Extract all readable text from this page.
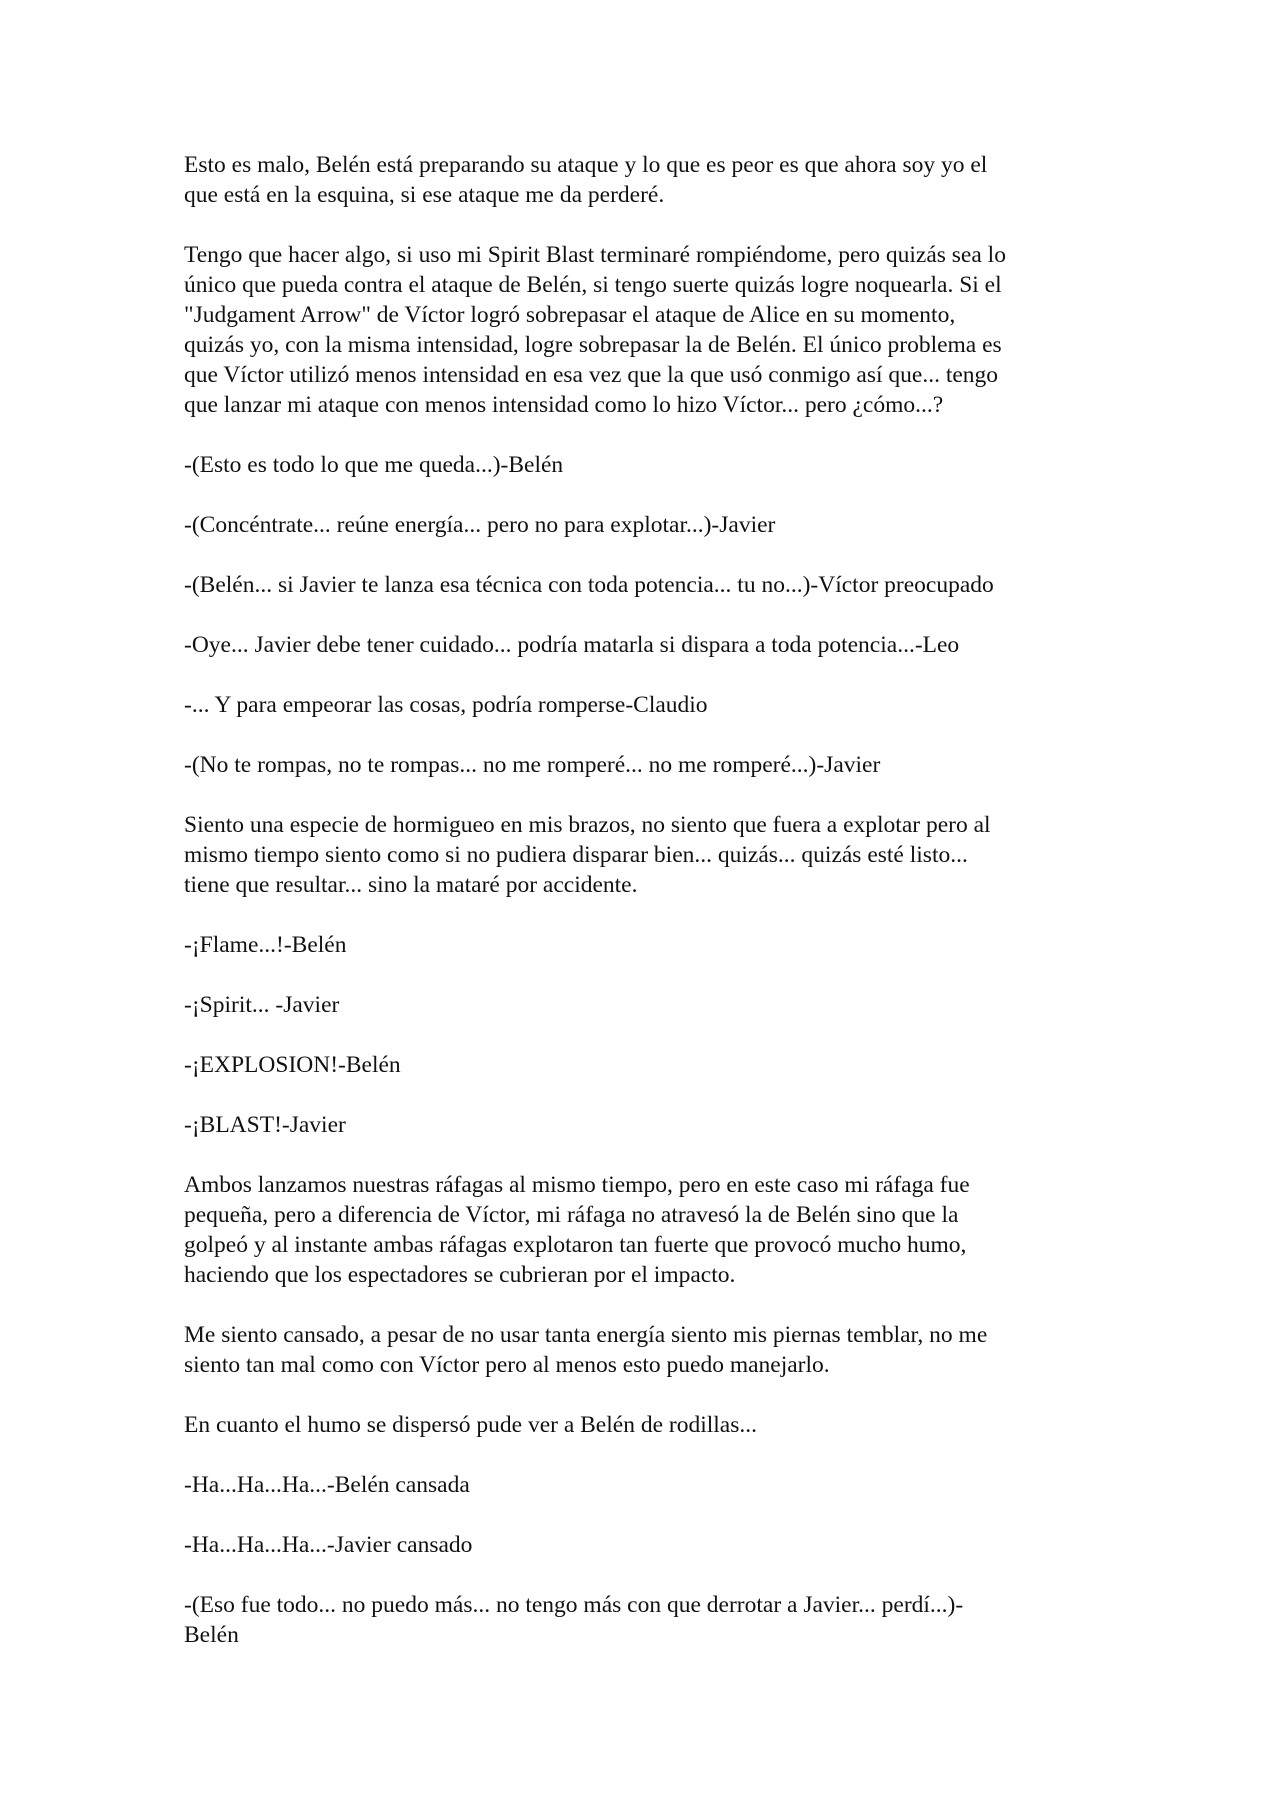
Esto es malo, Belén está preparando su ataque y lo que es peor es que ahora soy yo el
que está en la esquina, si ese ataque me da perderé.

Tengo que hacer algo, si uso mi Spirit Blast terminaré rompiéndome, pero quizás sea lo
único que pueda contra el ataque de Belén, si tengo suerte quizás logre noquearla. Si el
"Judgament Arrow" de Víctor logró sobrepasar el ataque de Alice en su momento,
quizás yo, con la misma intensidad, logre sobrepasar la de Belén. El único problema es
que Víctor utilizó menos intensidad en esa vez que la que usó conmigo así que... tengo
que lanzar mi ataque con menos intensidad como lo hizo Víctor... pero ¿cómo...?

-(Esto es todo lo que me queda...)-Belén

-(Concéntrate... reúne energía... pero no para explotar...)-Javier

-(Belén... si Javier te lanza esa técnica con toda potencia... tu no...)-Víctor preocupado

-Oye... Javier debe tener cuidado... podría matarla si dispara a toda potencia...-Leo

-... Y para empeorar las cosas, podría romperse-Claudio

-(No te rompas, no te rompas... no me romperé... no me romperé...)-Javier

Siento una especie de hormigueo en mis brazos, no siento que fuera a explotar pero al
mismo tiempo siento como si no pudiera disparar bien... quizás... quizás esté listo...
tiene que resultar... sino la mataré por accidente.

-¡Flame...!-Belén

-¡Spirit... -Javier

-¡EXPLOSION!-Belén

-¡BLAST!-Javier

Ambos lanzamos nuestras ráfagas al mismo tiempo, pero en este caso mi ráfaga fue
pequeña, pero a diferencia de Víctor, mi ráfaga no atravesó la de Belén sino que la
golpeó y al instante ambas ráfagas explotaron tan fuerte que provocó mucho humo,
haciendo que los espectadores se cubrieran por el impacto.

Me siento cansado, a pesar de no usar tanta energía siento mis piernas temblar, no me
siento tan mal como con Víctor pero al menos esto puedo manejarlo.

En cuanto el humo se dispersó pude ver a Belén de rodillas...

-Ha...Ha...Ha...-Belén cansada

-Ha...Ha...Ha...-Javier cansado

-(Eso fue todo... no puedo más... no tengo más con que derrotar a Javier... perdí...)-
Belén
